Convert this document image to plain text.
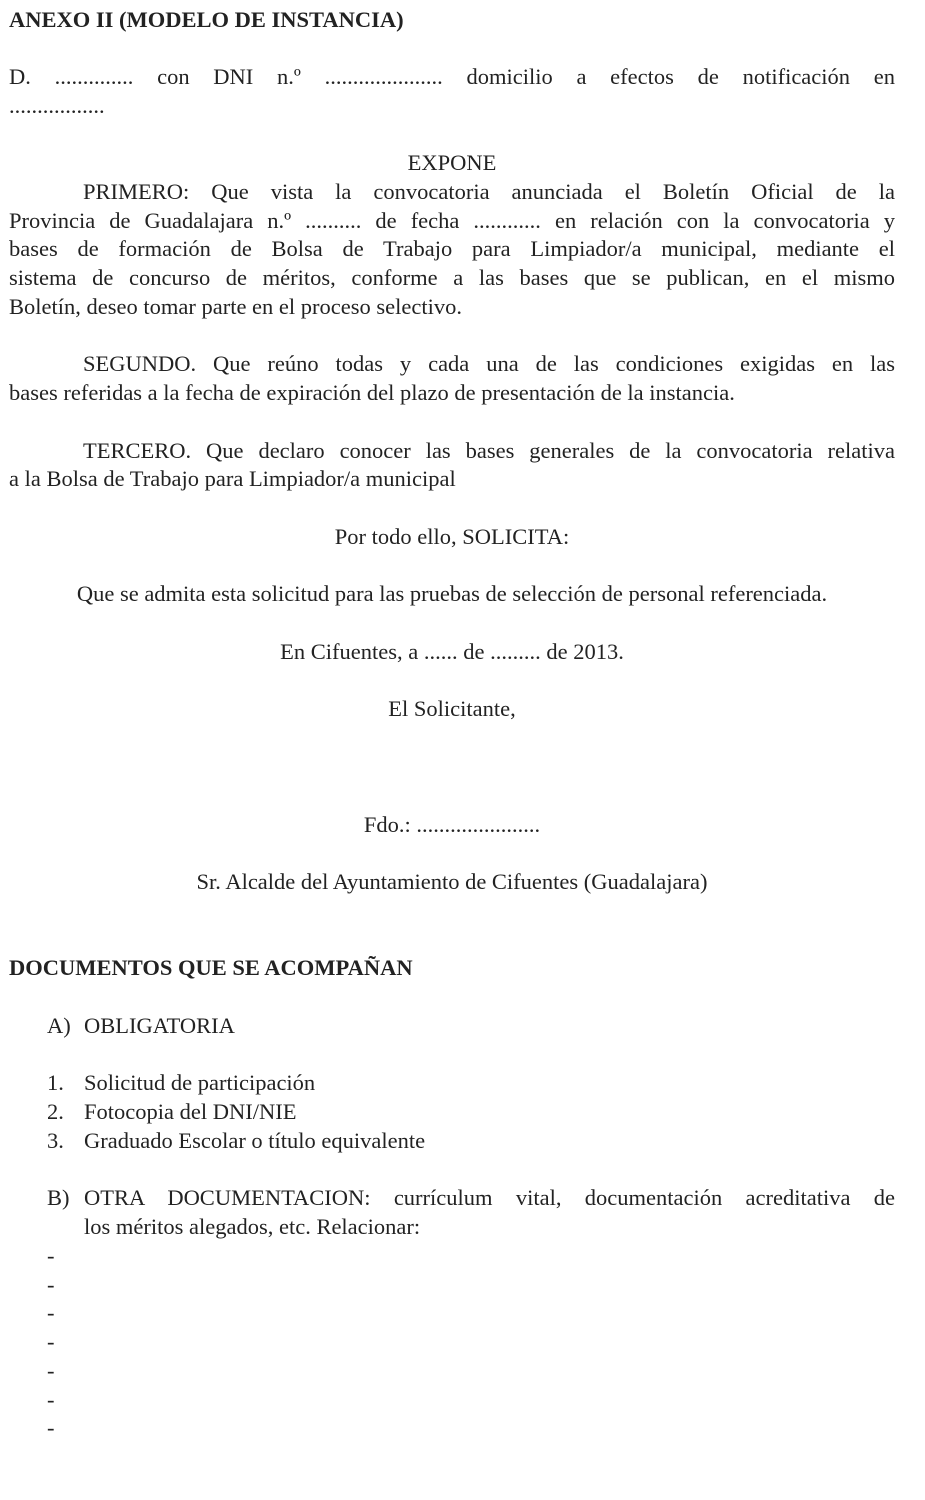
ANEXO II (MODELO DE INSTANCIA)
D. .............. con DNI n.º ..................... domicilio a efectos de notificación en
.................
EXPONE
PRIMERO: Que vista la convocatoria anunciada el Boletín Oficial de la
Provincia de Guadalajara n.º .......... de fecha ............ en relación con la convocatoria y
bases de formación de Bolsa de Trabajo para Limpiador/a municipal, mediante el
sistema de concurso de méritos, conforme a las bases que se publican, en el mismo
Boletín, deseo tomar parte en el proceso selectivo.
SEGUNDO. Que reúno todas y cada una de las condiciones exigidas en las
bases referidas a la fecha de expiración del plazo de presentación de la instancia.
TERCERO. Que declaro conocer las bases generales de la convocatoria relativa
a la Bolsa de Trabajo para Limpiador/a municipal
Por todo ello, SOLICITA:
Que se admita esta solicitud para las pruebas de selección de personal referenciada.
En Cifuentes, a ...... de ......... de 2013.
El Solicitante,
Fdo.: ......................
Sr. Alcalde del Ayuntamiento de Cifuentes (Guadalajara)
DOCUMENTOS QUE SE ACOMPAÑAN
A) OBLIGATORIA
1. Solicitud de participación
2. Fotocopia del DNI/NIE
3. Graduado Escolar o título equivalente
B) OTRA DOCUMENTACION: currículum vital, documentación acreditativa de
los méritos alegados, etc. Relacionar:
-
-
-
-
-
-
-
